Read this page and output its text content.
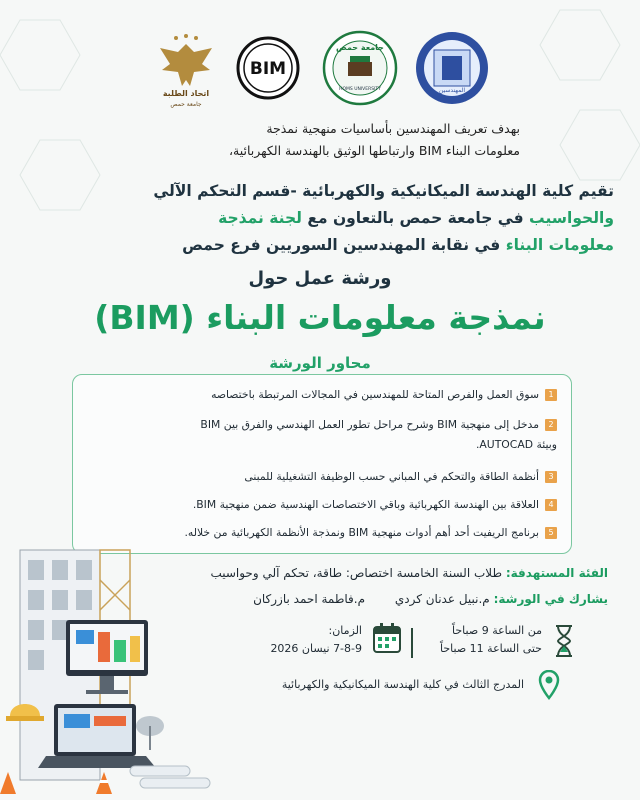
المهندسين
جامعة حمص
HOMS UNIVERSITY
BIM
اتحاد الطلبة
جامعة حمص
بهدف تعريف المهندسين بأساسيات منهجية نمذجة
معلومات البناء BIM وارتباطها الوثيق بالهندسة الكهربائية،
تقيم كلية الهندسة الميكانيكية والكهربائية -قسم التحكم الآلي
والحواسيب في جامعة حمص بالتعاون مع لجنة نمذجة
معلومات البناء في نقابة المهندسين السوريين فرع حمص
ورشة عمل حول
نمذجة معلومات البناء (BIM)
محاور الورشة
1سوق العمل والفرص المتاحة للمهندسين في المجالات المرتبطة باختصاصه
2مدخل إلى منهجية BIM وشرح مراحل تطور العمل الهندسي والفرق بين BIM
وبيئة AUTOCAD.
3أنظمة الطاقة والتحكم في المباني حسب الوظيفة التشغيلية للمبنى
4العلاقة بين الهندسة الكهربائية وباقي الاختصاصات الهندسية ضمن منهجية BIM.
5برنامج الريفيت أحد أهم أدوات منهجية BIM ونمذجة الأنظمة الكهربائية من خلاله.
الفئة المستهدفة: طلاب السنة الخامسة اختصاص: طاقة، تحكم آلي وحواسيب
يشارك في الورشة: م.نبيل عدنان كردي م.فاطمة احمد بازركان
من الساعة 9 صباحاً
حتى الساعة 11 صباحاً
الزمان:
7-8-9 نيسان 2026
المدرج الثالث في كلية الهندسة الميكانيكية والكهربائية
